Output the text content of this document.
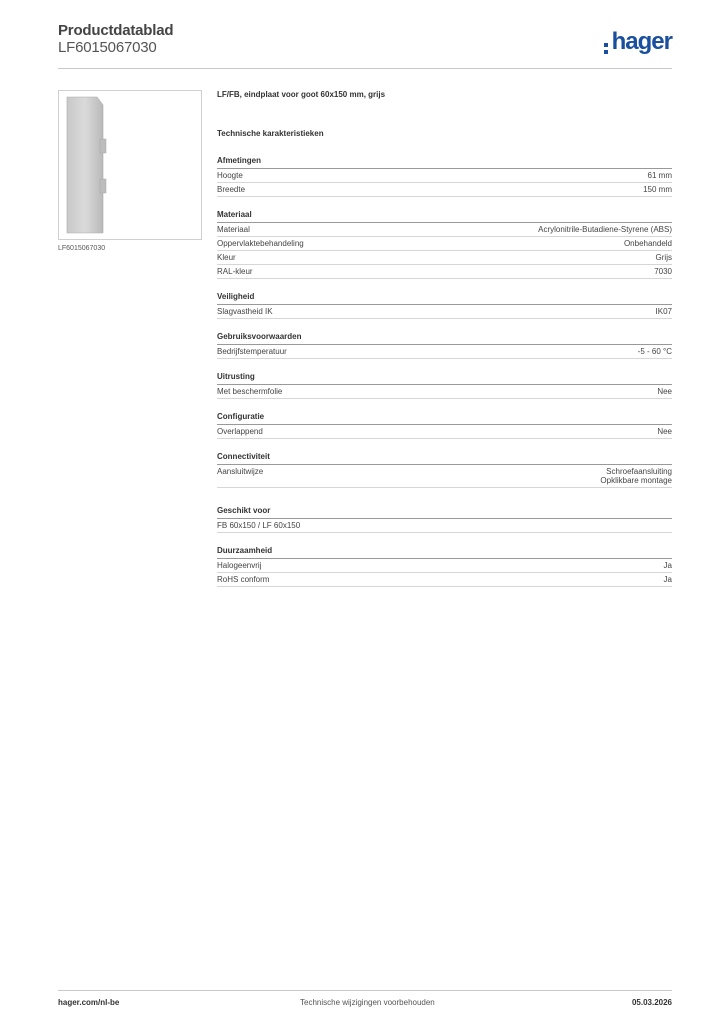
Productdatablad
LF6015067030	hager
LF6015067030
LF/FB, eindplaat voor goot 60x150 mm, grijs
Technische karakteristieken
Afmetingen
Hoogte	61 mm
Breedte	150 mm
Materiaal
Materiaal	Acrylonitrile-Butadiene-Styrene (ABS)
Oppervlaktebehandeling	Onbehandeld
Kleur	Grijs
RAL-kleur	7030
Veiligheid
Slagvastheid IK	IK07
Gebruiksvoorwaarden
Bedrijfstemperatuur	-5 - 60 °C
Uitrusting
Met beschermfolie	Nee
Configuratie
Overlappend	Nee
Connectiviteit
Aansluitwijze	Schroefaansluiting
Opklikbare montage
Geschikt voor
FB 60x150 / LF 60x150
Duurzaamheid
Halogeenvrij	Ja
RoHS conform	Ja
hager.com/nl-be	Technische wijzigingen voorbehouden	05.03.2026
